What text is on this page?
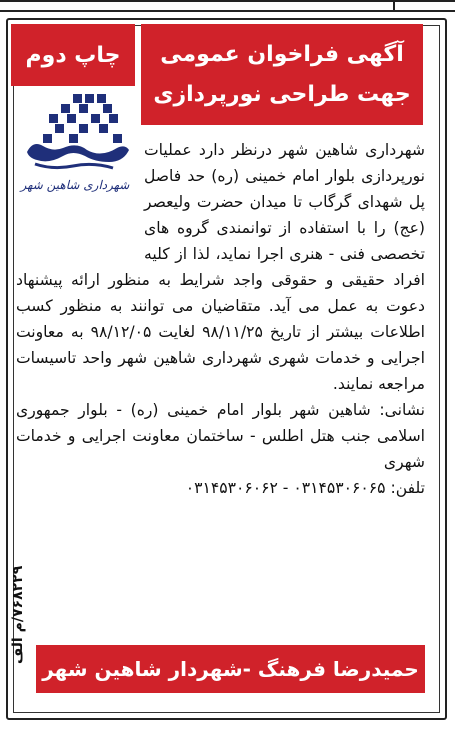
آگهی فراخوان عمومی
جهت طراحی نورپردازی
چاپ دوم
شهرداری شاهین شهر
شهرداری شاهین شهر درنظر دارد عملیات نورپردازی بلوار امام خمینی (ره) حد فاصل پل شهدای گرگاب تا میدان حضرت ولیعصر (عج) را با استفاده از توانمندی گروه های تخصصی فنی - هنری اجرا نماید، لذا از کلیه افراد حقیقی و حقوقی واجد شرایط به منظور ارائه پیشنهاد دعوت به عمل می آید. متقاضیان می توانند به منظور کسب اطلاعات بیشتر از تاریخ ۹۸/۱۱/۲۵ لغایت ۹۸/۱۲/۰۵ به معاونت اجرایی و خدمات شهری شهرداری شاهین شهر واحد تاسیسات مراجعه نمایند.
نشانی: شاهین شهر بلوار امام خمینی (ره) - بلوار جمهوری اسلامی جنب هتل اطلس - ساختمان معاونت اجرایی و خدمات شهری
تلفن: ۰۳۱۴۵۳۰۶۰۶۵ - ۰۳۱۴۵۳۰۶۰۶۲
۷۶۸۲۲۹/م الف
حمیدرضا فرهنگ -شهردار شاهین شهر
